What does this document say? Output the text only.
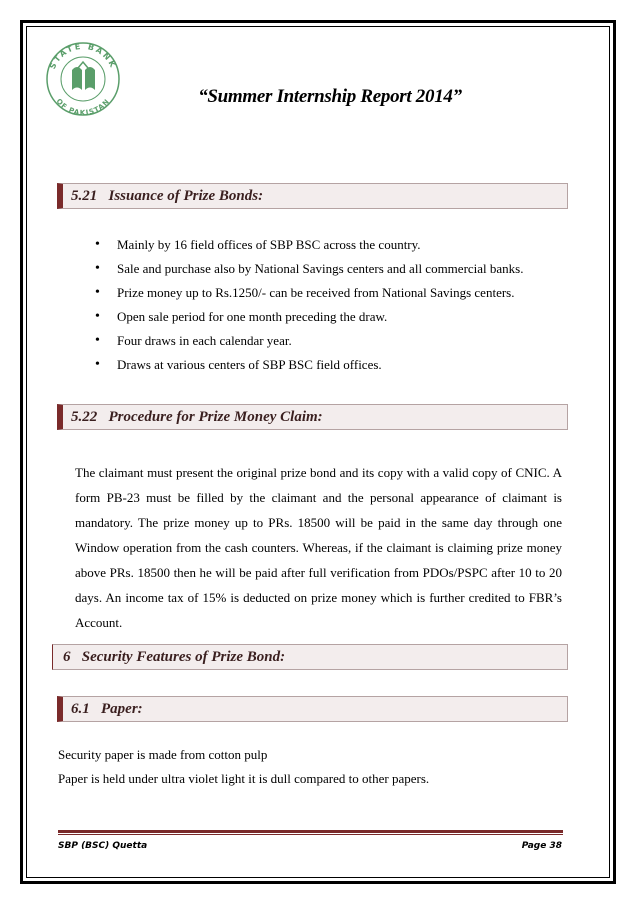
STATE BANK
OF PAKISTAN	“Summer Internship Report 2014”
5.21   Issuance of Prize Bonds:
• Mainly by 16 field offices of SBP BSC across the country.
• Sale and purchase also by National Savings centers and all commercial banks.
• Prize money up to Rs.1250/- can be received from National Savings centers.
• Open sale period for one month preceding the draw.
• Four draws in each calendar year.
• Draws at various centers of SBP BSC field offices.
5.22   Procedure for Prize Money Claim:

The claimant must present the original prize bond and its copy with a valid copy of CNIC. A form PB-23 must be filled by the claimant and the personal appearance of claimant is mandatory. The prize money up to PRs. 18500 will be paid in the same day through one Window operation from the cash counters. Whereas, if the claimant is claiming prize money above PRs. 18500 then he will be paid after full verification from PDOs/PSPC after 10 to 20 days. An income tax of 15% is deducted on prize money which is further credited to FBR’s Account.

6   Security Features of Prize Bond:
6.1   Paper:

Security paper is made from cotton pulp

Paper is held under ultra violet light it is dull compared to other papers.

SBP (BSC) Quetta	Page 38
